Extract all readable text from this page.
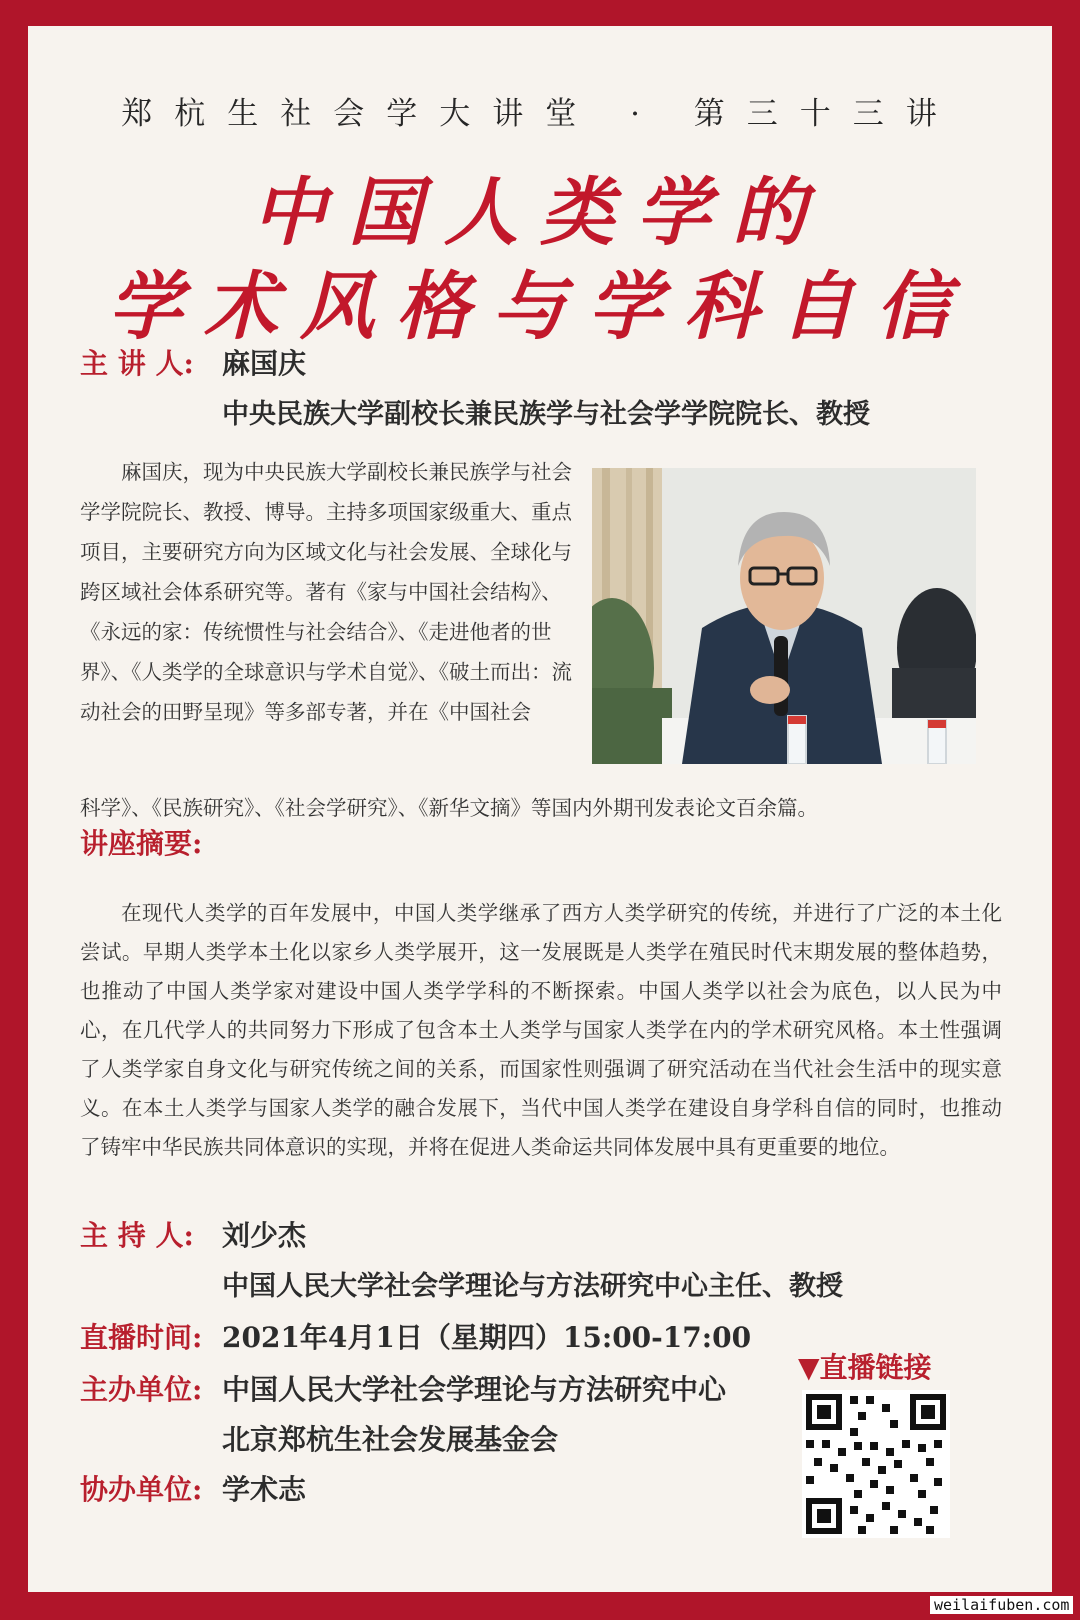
郑杭生社会学大讲堂 · 第三十三讲
中国人类学的
学术风格与学科自信
主 讲 人: 麻国庆
中央民族大学副校长兼民族学与社会学学院院长、教授
麻国庆，现为中央民族大学副校长兼民族学与社会学学院院长、教授、博导。主持多项国家级重大、重点项目，主要研究方向为区域文化与社会发展、全球化与跨区域社会体系研究等。著有《家与中国社会结构》、《永远的家：传统惯性与社会结合》、《走进他者的世界》、《人类学的全球意识与学术自觉》、《破土而出：流动社会的田野呈现》等多部专著，并在《中国社会
科学》、《民族研究》、《社会学研究》、《新华文摘》等国内外期刊发表论文百余篇。
讲座摘要:
在现代人类学的百年发展中，中国人类学继承了西方人类学研究的传统，并进行了广泛的本土化尝试。早期人类学本土化以家乡人类学展开，这一发展既是人类学在殖民时代末期发展的整体趋势，也推动了中国人类学家对建设中国人类学学科的不断探索。中国人类学以社会为底色，以人民为中心，在几代学人的共同努力下形成了包含本土人类学与国家人类学在内的学术研究风格。本土性强调了人类学家自身文化与研究传统之间的关系，而国家性则强调了研究活动在当代社会生活中的现实意义。在本土人类学与国家人类学的融合发展下，当代中国人类学在建设自身学科自信的同时，也推动了铸牢中华民族共同体意识的实现，并将在促进人类命运共同体发展中具有更重要的地位。
主 持 人: 刘少杰
中国人民大学社会学理论与方法研究中心主任、教授
直播时间: 2021年4月1日（星期四）15:00-17:00
▼直播链接
主办单位: 中国人民大学社会学理论与方法研究中心
北京郑杭生社会发展基金会
协办单位: 学术志
weilaifuben.com
